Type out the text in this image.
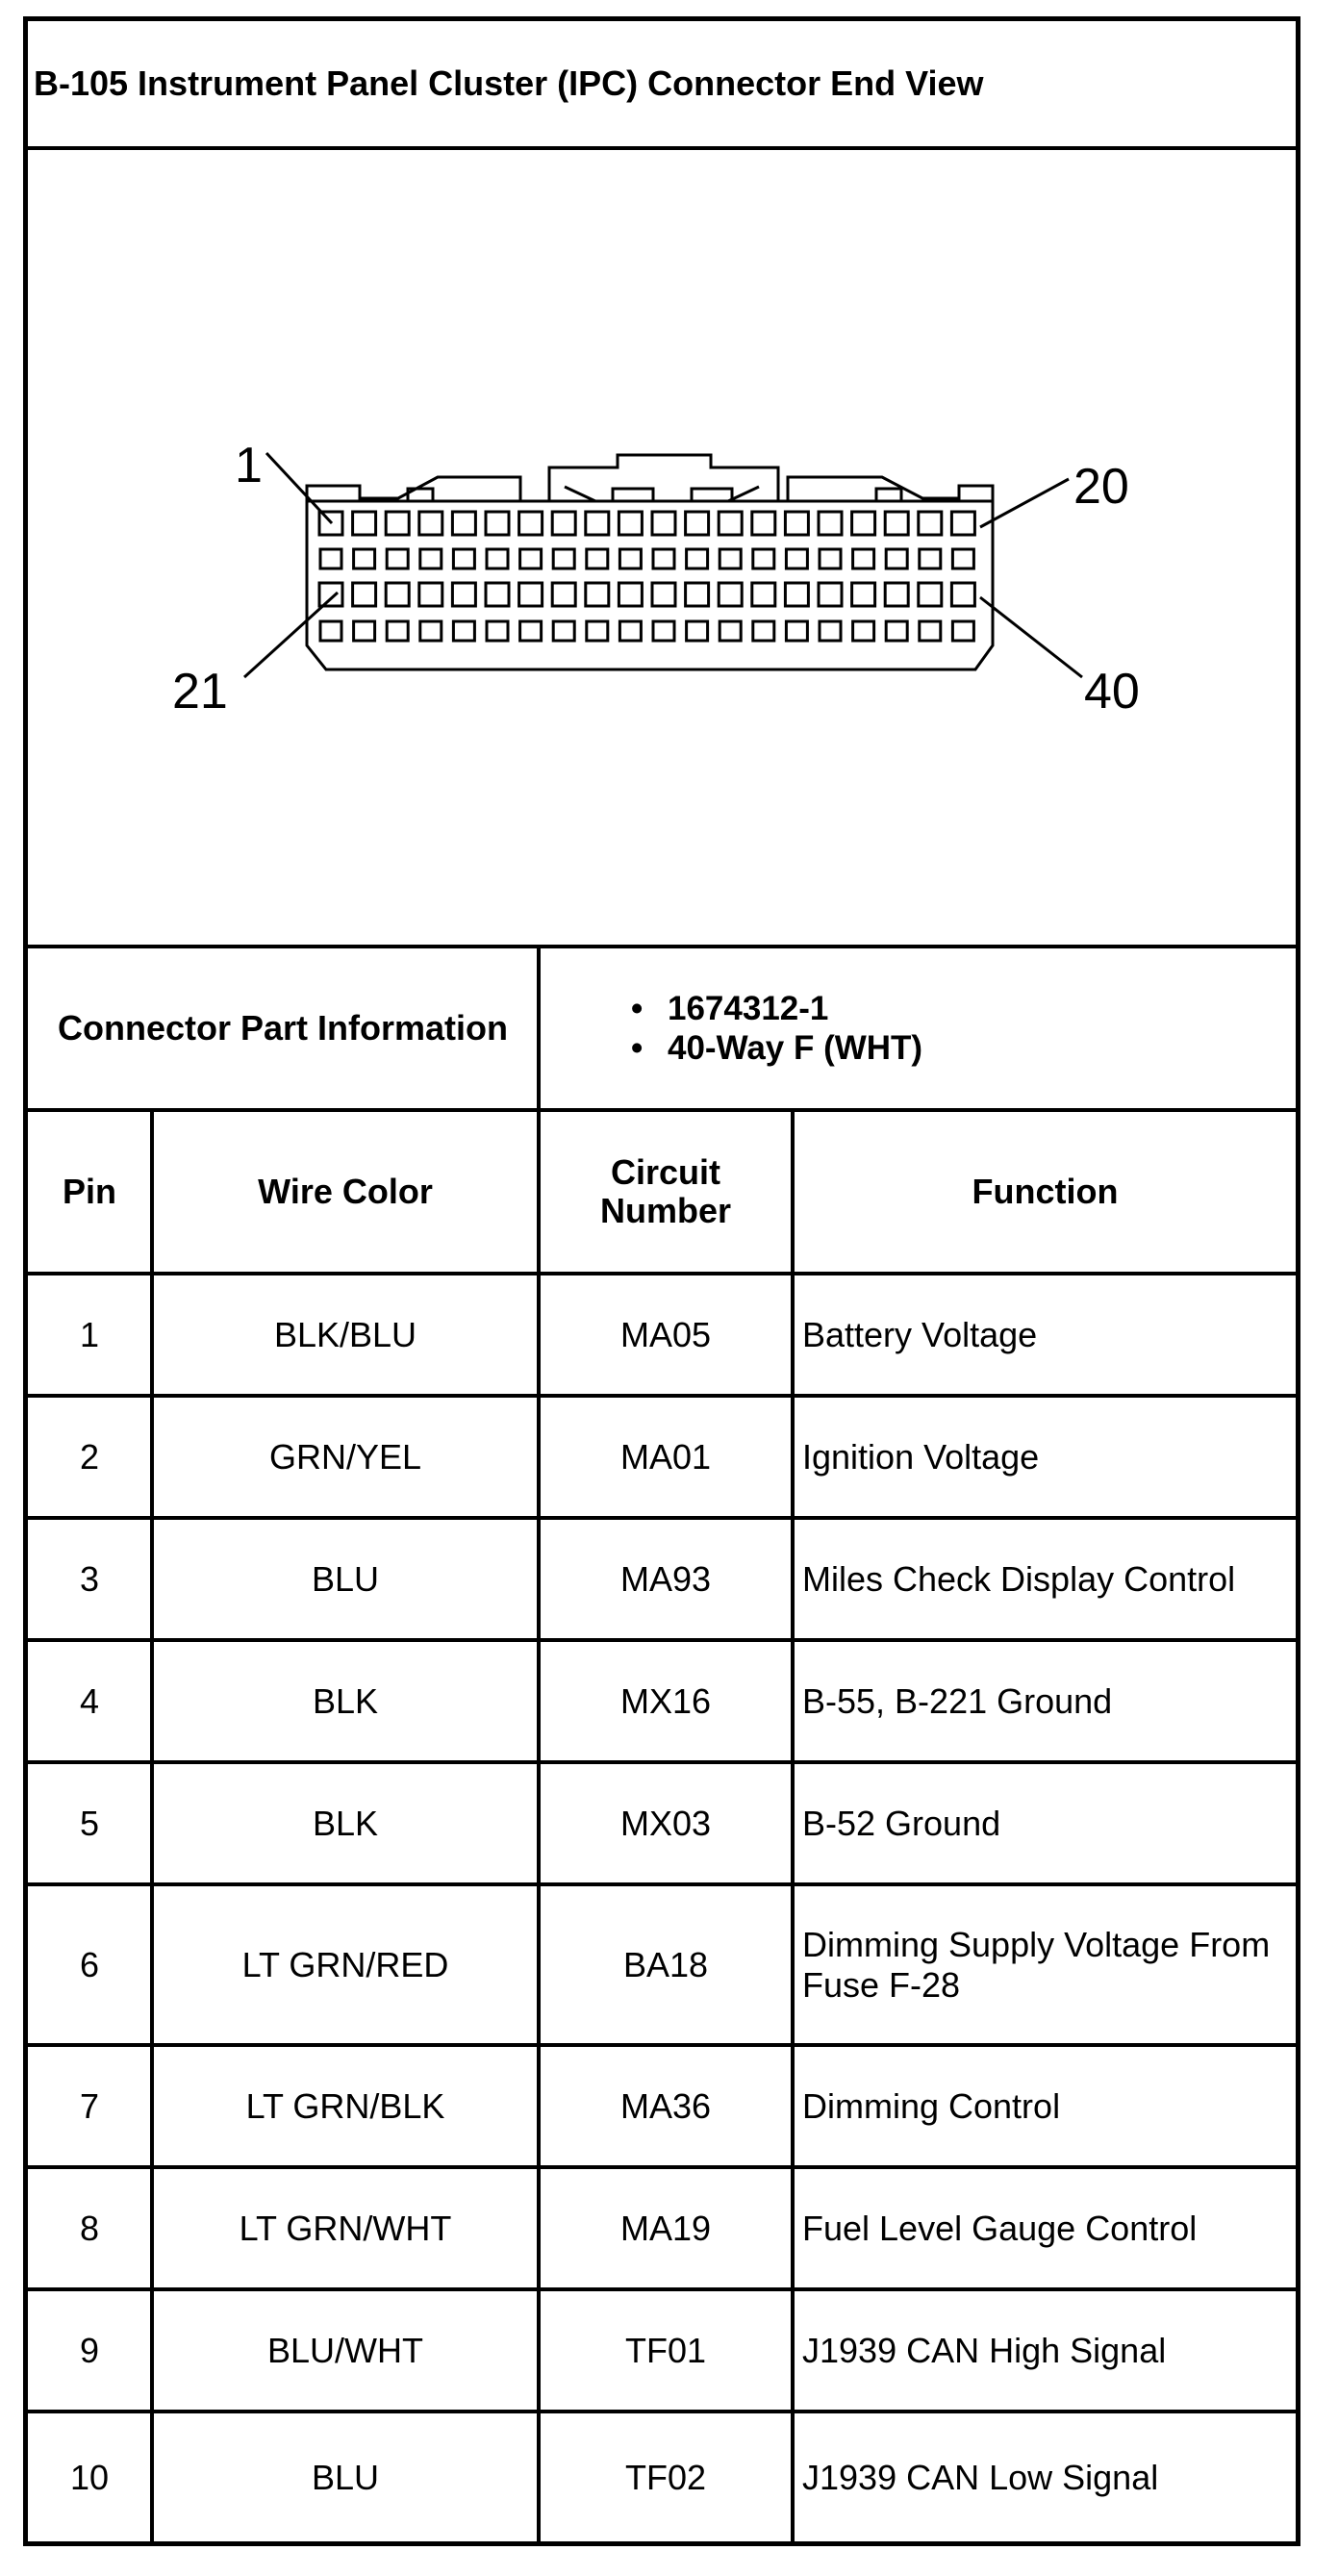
B-105 Instrument Panel Cluster (IPC) Connector End View
1	20
21	40
Connector Part Information
•	1674312-1
• 40-Way F (WHT)
Pin	Wire Color	Circuit
Number	Function
1	BLK/BLU	MA05	Battery Voltage
2	GRN/YEL	MA01	Ignition Voltage
3	BLU	MA93	Miles Check Display Control
4	BLK	MX16	B-55, B-221 Ground
5	BLK	MX03	B-52 Ground
6	LT GRN/RED	BA18
Dimming Supply Voltage From Fuse F-28
7	LT GRN/BLK	MA36	Dimming Control
8	LT GRN/WHT	MA19	Fuel Level Gauge Control
9	BLU/WHT	TF01	J1939 CAN High Signal
10	BLU	TF02	J1939 CAN Low Signal
